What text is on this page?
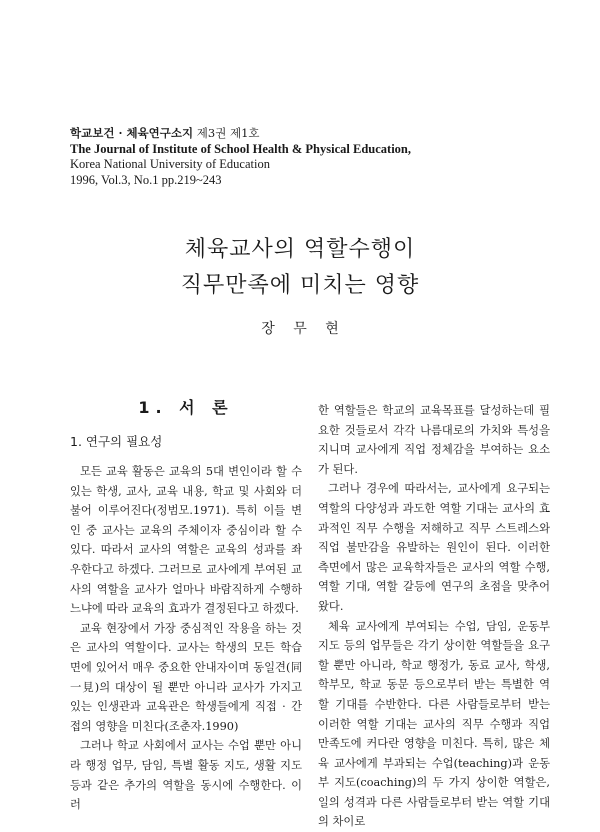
학교보건 · 체육연구소지 제3권 제1호
The Journal of Institute of School Health & Physical Education,
Korea National University of Education
1996, Vol.3, No.1 pp.219~243
체육교사의 역할수행이
직무만족에 미치는 영향
장 무 현
1. 서 론
1. 연구의 필요성

모든 교육 활동은 교육의 5대 변인이라 할 수 있는 학생, 교사, 교육 내용, 학교 및 사회와 더불어 이루어진다(정범모.1971). 특히 이들 변인 중 교사는 교육의 주체이자 중심이라 할 수 있다. 따라서 교사의 역할은 교육의 성과를 좌우한다고 하겠다. 그러므로 교사에게 부여된 교사의 역할을 교사가 얼마나 바람직하게 수행하느냐에 따라 교육의 효과가 결정된다고 하겠다.

교육 현장에서 가장 중심적인 작용을 하는 것은 교사의 역할이다. 교사는 학생의 모든 학습면에 있어서 매우 중요한 안내자이며 동일견(同一見)의 대상이 될 뿐만 아니라 교사가 가지고 있는 인생관과 교육관은 학생들에게 직접 · 간접의 영향을 미친다(조춘자.1990)

그러나 학교 사회에서 교사는 수업 뿐만 아니라 행정 업무, 담임, 특별 활동 지도, 생활 지도 등과 같은 추가의 역할을 동시에 수행한다. 이러

한 역할들은 학교의 교육목표를 달성하는데 필요한 것들로서 각각 나름대로의 가치와 특성을 지니며 교사에게 직업 정체감을 부여하는 요소가 된다.

그러나 경우에 따라서는, 교사에게 요구되는 역할의 다양성과 과도한 역할 기대는 교사의 효과적인 직무 수행을 저해하고 직무 스트레스와 직업 불만감을 유발하는 원인이 된다. 이러한 측면에서 많은 교육학자들은 교사의 역할 수행, 역할 기대, 역할 갈등에 연구의 초점을 맞추어 왔다.

체육 교사에게 부여되는 수업, 담임, 운동부 지도 등의 업무들은 각기 상이한 역할들을 요구할 뿐만 아니라, 학교 행정가, 동료 교사, 학생, 학부모, 학교 동문 등으로부터 받는 특별한 역할 기대를 수반한다. 다른 사람들로부터 받는 이러한 역할 기대는 교사의 직무 수행과 직업 만족도에 커다란 영향을 미친다. 특히, 많은 체육 교사에게 부과되는 수업(teaching)과 운동부 지도(coaching)의 두 가지 상이한 역할은, 일의 성격과 다른 사람들로부터 받는 역할 기대의 차이로
